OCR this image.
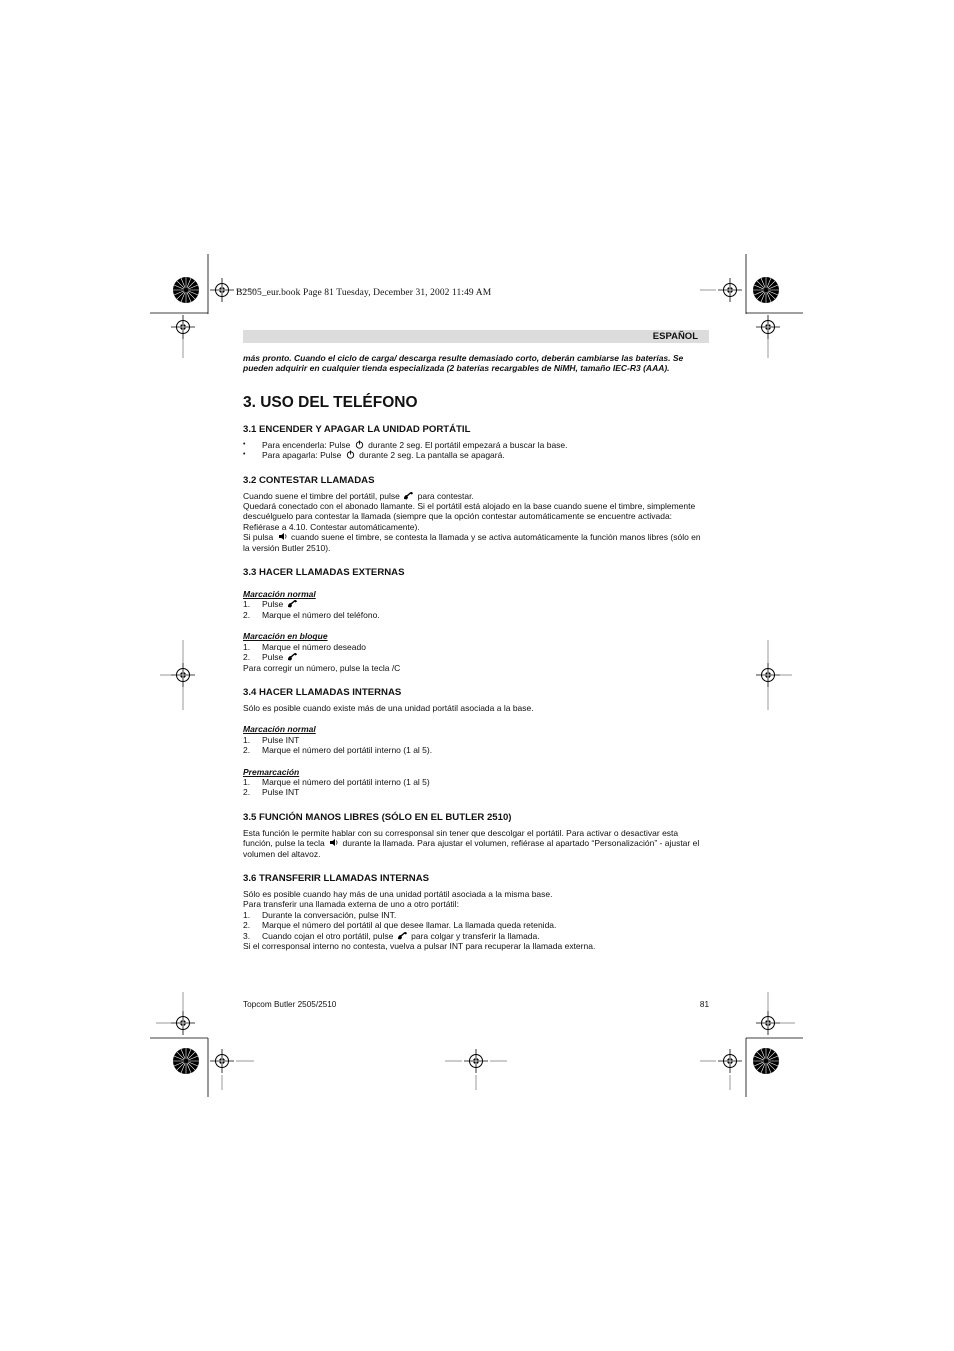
B2505_eur.book Page 81 Tuesday, December 31, 2002 11:49 AM
ESPAÑOL

más pronto. Cuando el ciclo de carga/ descarga resulte demasiado corto, deberán cambiarse las baterías. Se pueden adquirir en cualquier tienda especializada (2 baterías recargables de NiMH, tamaño IEC-R3 (AAA).

3. USO DEL TELÉFONO
3.1 ENCENDER Y APAGAR LA UNIDAD PORTÁTIL
• Para encenderla: Pulse durante 2 seg. El portátil empezará a buscar la base.
• Para apagarla: Pulse durante 2 seg. La pantalla se apagará.
3.2 CONTESTAR LLAMADAS

Cuando suene el timbre del portátil, pulse para contestar.

Quedará conectado con el abonado llamante. Si el portátil está alojado en la base cuando suene el timbre, simplemente descuélguelo para contestar la llamada (siempre que la opción contestar automáticamente se encuentre activada: Refiérase a 4.10. Contestar automáticamente).

Si pulsa cuando suene el timbre, se contesta la llamada y se activa automáticamente la función manos libres (sólo en la versión Butler 2510).

3.3 HACER LLAMADAS EXTERNAS

Marcación normal

1.	Pulse
2.	Marque el número del teléfono.

Marcación en bloque

1.	Marque el número deseado
2.	Pulse

Para corregir un número, pulse la tecla /C

3.4 HACER LLAMADAS INTERNAS

Sólo es posible cuando existe más de una unidad portátil asociada a la base.

Marcación normal

1.	Pulse INT
2.	Marque el número del portátil interno (1 al 5).

Premarcación

1.	Marque el número del portátil interno (1 al 5)
2.	Pulse INT
3.5 FUNCIÓN MANOS LIBRES (SÓLO EN EL BUTLER 2510)

Esta función le permite hablar con su corresponsal sin tener que descolgar el portátil. Para activar o desactivar esta función, pulse la tecla durante la llamada. Para ajustar el volumen, refiérase al apartado “Personalización” - ajustar el volumen del altavoz.

3.6 TRANSFERIR LLAMADAS INTERNAS

Sólo es posible cuando hay más de una unidad portátil asociada a la misma base.

Para transferir una llamada externa de uno a otro portátil:

1.	Durante la conversación, pulse INT.
2.	Marque el número del portátil al que desee llamar. La llamada queda retenida.
3.	Cuando cojan el otro portátil, pulse para colgar y transferir la llamada.

Si el corresponsal interno no contesta, vuelva a pulsar INT para recuperar la llamada externa.

Topcom Butler 2505/2510	81
